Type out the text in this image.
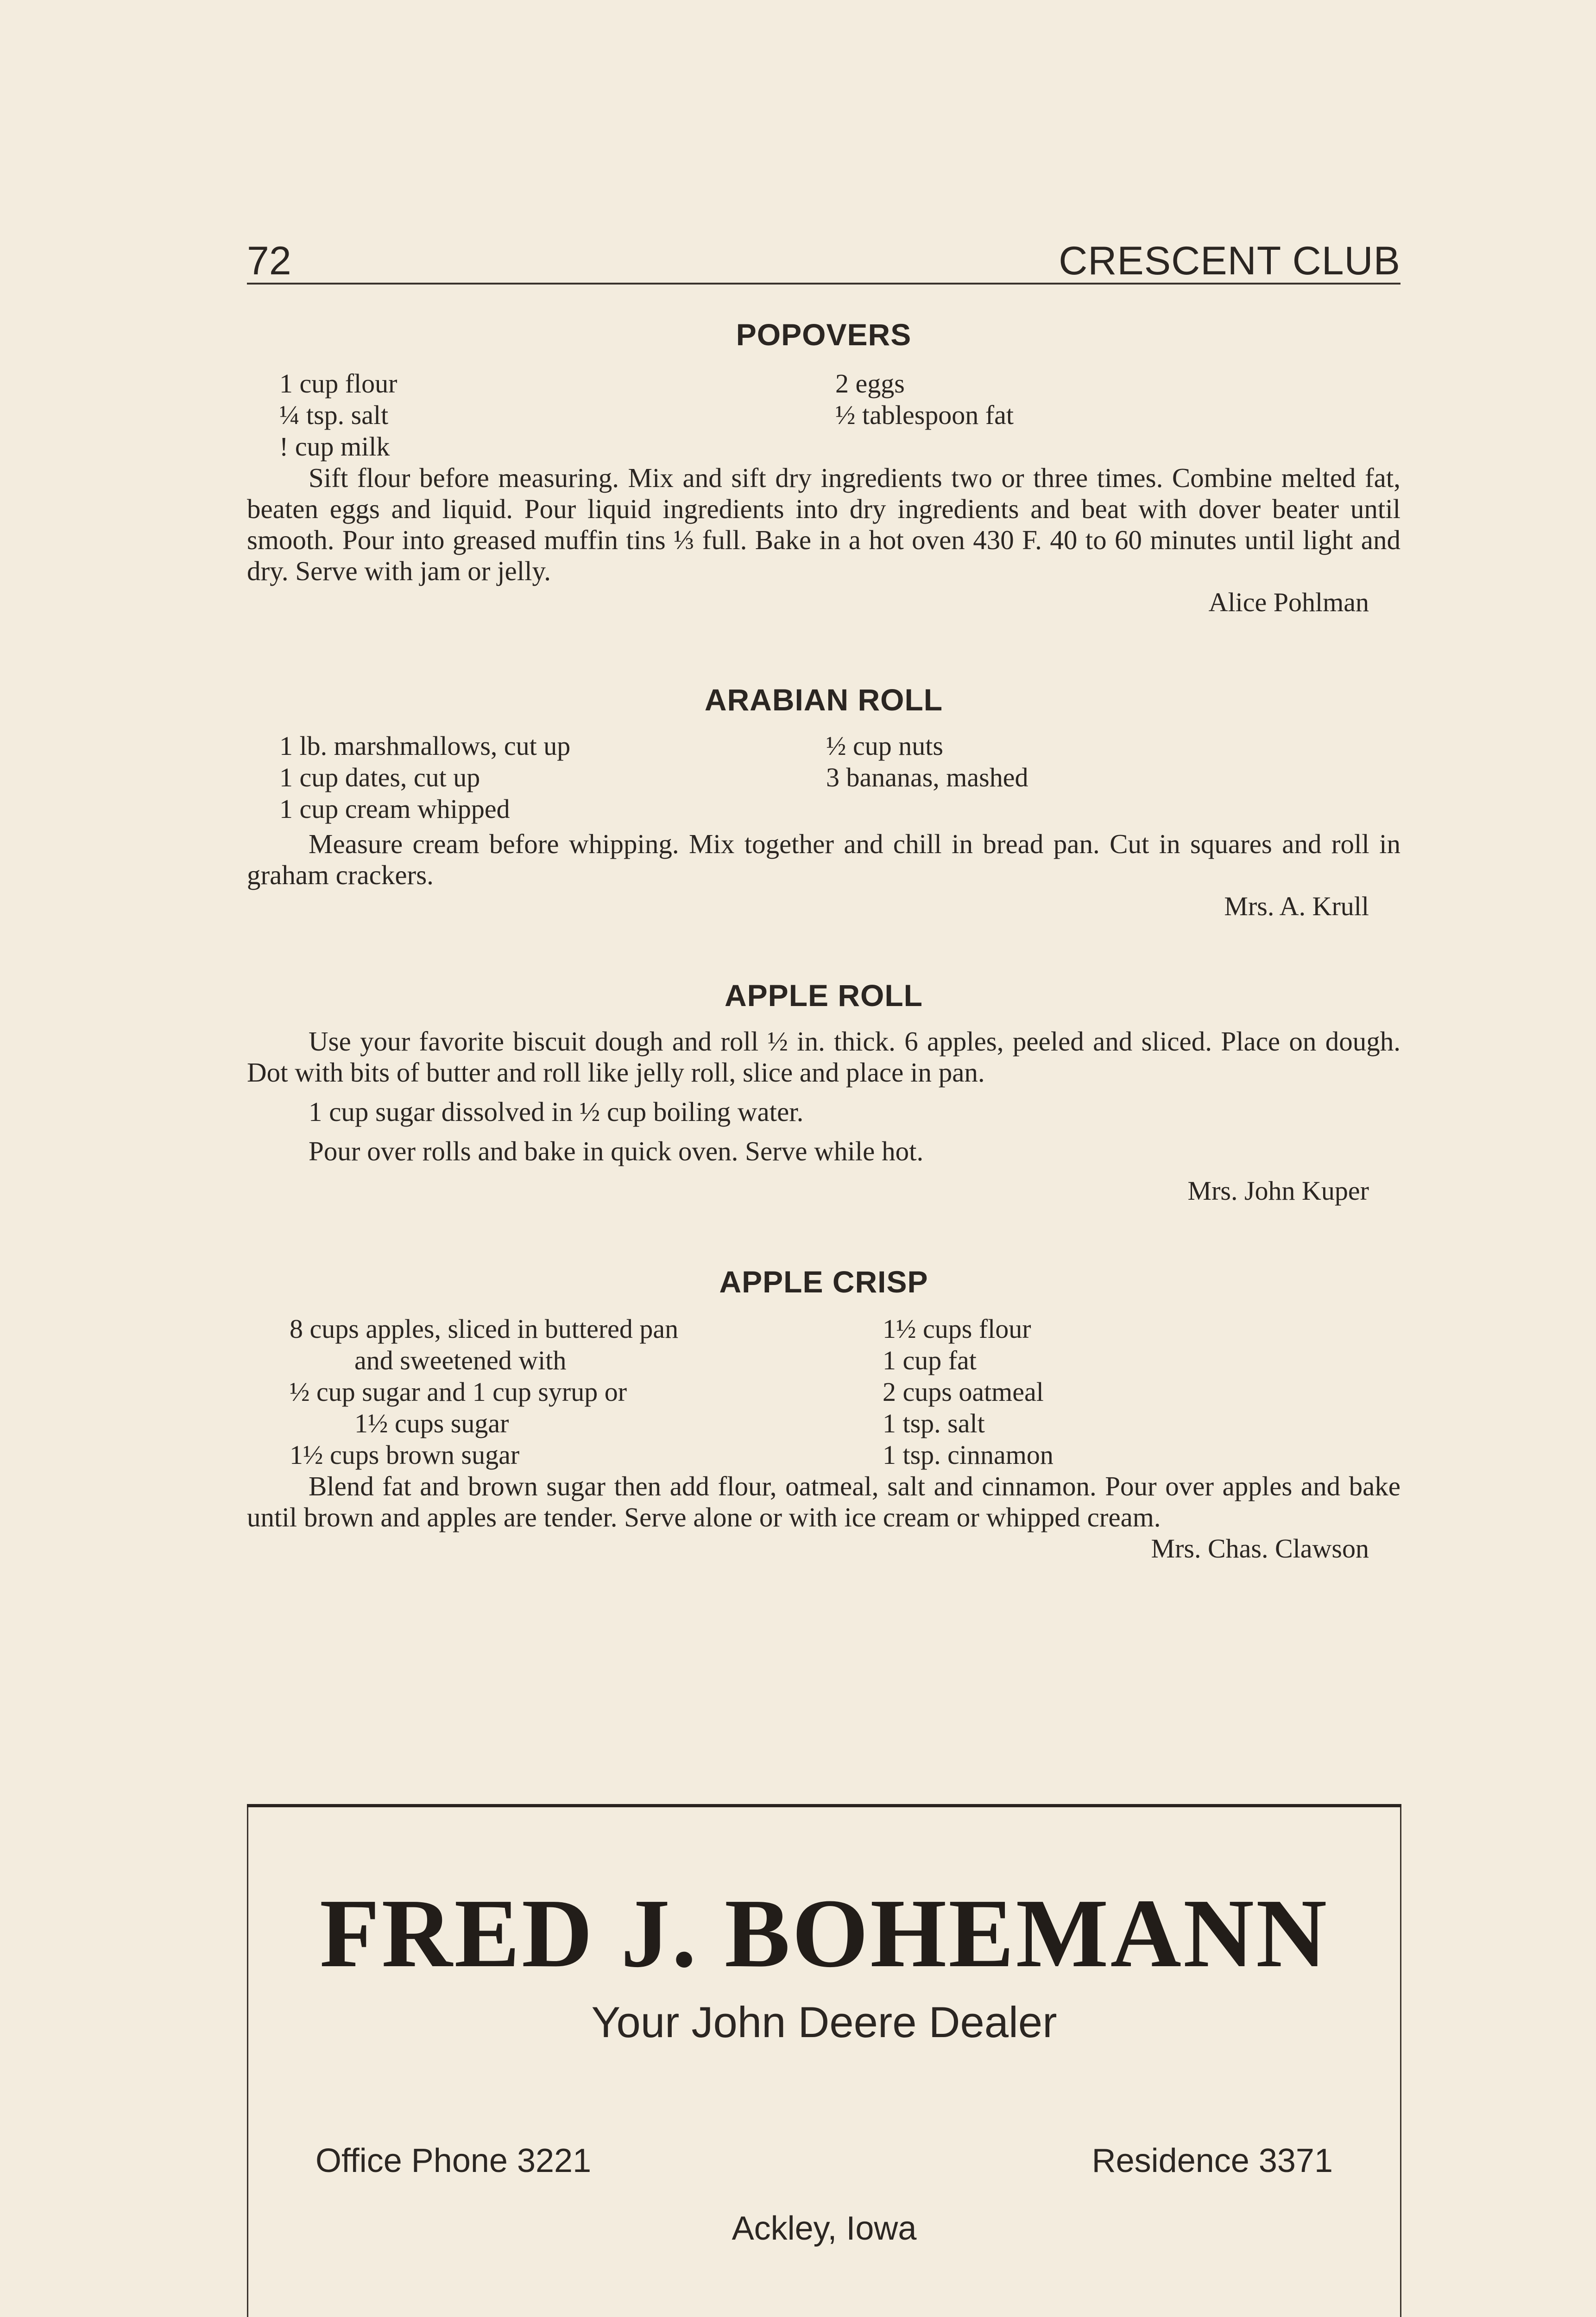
72	CRESCENT CLUB
POPOVERS
1 cup flour
¼ tsp. salt
! cup milk
2 eggs
½ tablespoon fat
Sift flour before measuring. Mix and sift dry ingredients two or three times. Combine melted fat, beaten eggs and liquid. Pour liquid ingredients into dry ingredients and beat with dover beater until smooth. Pour into greased muffin tins ⅓ full. Bake in a hot oven 430 F. 40 to 60 minutes until light and dry. Serve with jam or jelly.
Alice Pohlman
ARABIAN ROLL
1 lb. marshmallows, cut up
1 cup dates, cut up
1 cup cream whipped
½ cup nuts
3 bananas, mashed
Measure cream before whipping. Mix together and chill in bread pan. Cut in squares and roll in graham crackers.
Mrs. A. Krull
APPLE ROLL
Use your favorite biscuit dough and roll ½ in. thick. 6 apples, peeled and sliced. Place on dough. Dot with bits of butter and roll like jelly roll, slice and place in pan.
1 cup sugar dissolved in ½ cup boiling water.
Pour over rolls and bake in quick oven. Serve while hot.
Mrs. John Kuper
APPLE CRISP
8 cups apples, sliced in buttered pan
and sweetened with
½ cup sugar and 1 cup syrup or
1½ cups sugar
1½ cups brown sugar
1½ cups flour
1 cup fat
2 cups oatmeal
1 tsp. salt
1 tsp. cinnamon
Blend fat and brown sugar then add flour, oatmeal, salt and cinnamon. Pour over apples and bake until brown and apples are tender. Serve alone or with ice cream or whipped cream.
Mrs. Chas. Clawson
FRED J. BOHEMANN
Your John Deere Dealer
Office Phone 3221	Residence 3371
Ackley, Iowa
